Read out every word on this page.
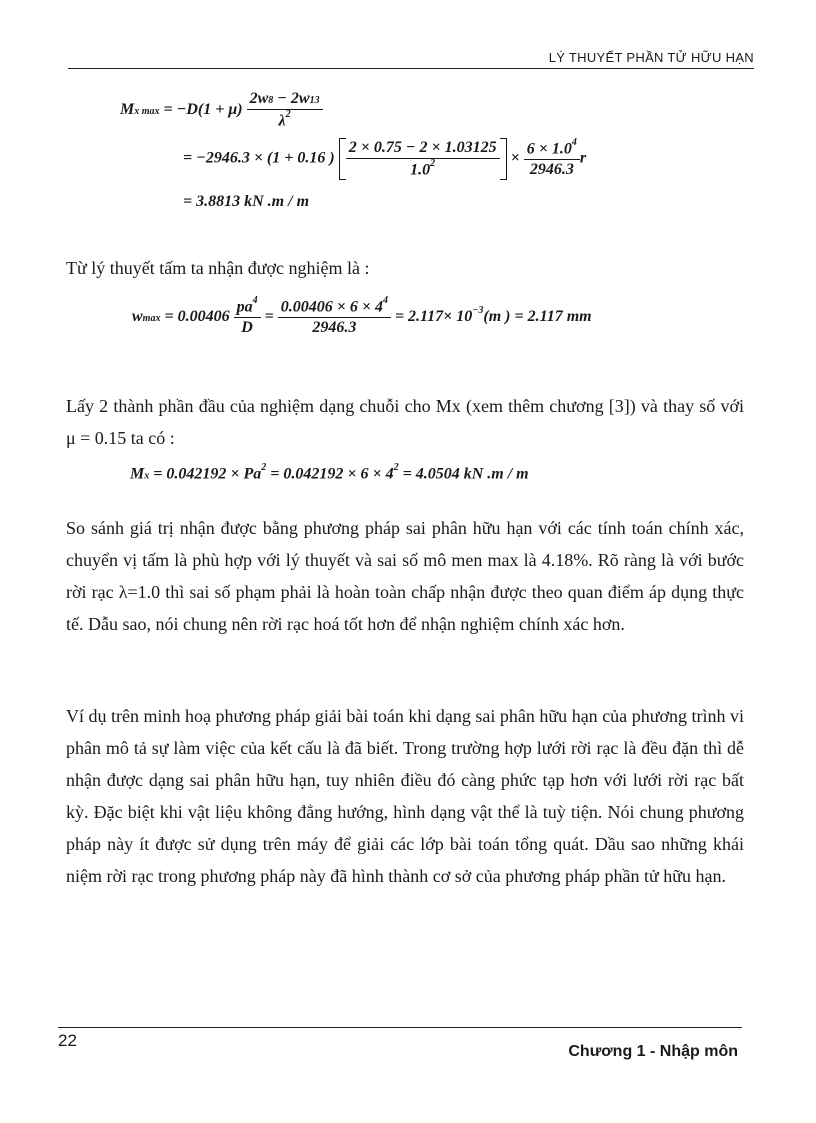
LÝ THUYẾT PHẦN TỬ HỮU HẠN
Mx $\max = -D(1 + \mu) \frac{2w8 - 2w13}{\lambda^2}$
= −2946.3 × (1 + 0.16 ) $\frac{2 \times 0.75 - 2 \times 1.03125}{1.0^2} \times \frac{6 \times 1.0^4}{2946.3}$ r
= 3.8813 kN .m / m
Từ lý thuyết tấm ta nhận được nghiệm là :
$wmax = 0.00406 \frac{pa^4}{D} = \frac{0.00406 \times 6 \times 4^4}{2946.3} = 2.117\times 10^{-3}(m$ ) = 2.117 mm
Lấy 2 thành phần đầu của nghiệm dạng chuỗi cho Mx (xem thêm chương [3]) và thay số với μ = 0.15 ta có :
$Mx = 0.042192 \times Pa^2 = 0.042192 \times 6 \times 4^2 = 4.0504$ kN .m / m
So sánh giá trị nhận được bằng phương pháp sai phân hữu hạn với các tính toán chính xác, chuyển vị tấm là phù hợp với lý thuyết và sai số mô men max là 4.18%. Rõ ràng là với bước rời rạc λ=1.0 thì sai số phạm phải là hoàn toàn chấp nhận được theo quan điểm áp dụng thực tế. Dẫu sao, nói chung nên rời rạc hoá tốt hơn để nhận nghiệm chính xác hơn.
Ví dụ trên minh hoạ phương pháp giải bài toán khi dạng sai phân hữu hạn của phương trình vi phân mô tả sự làm việc của kết cấu là đã biết. Trong trường hợp lưới rời rạc là đều đặn thì dễ nhận được dạng sai phân hữu hạn, tuy nhiên điều đó càng phức tạp hơn với lưới rời rạc bất kỳ. Đặc biệt khi vật liệu không đẳng hướng, hình dạng vật thể là tuỳ tiện. Nói chung phương pháp này ít được sử dụng trên máy để giải các lớp bài toán tổng quát. Dầu sao những khái niệm rời rạc trong phương pháp này đã hình thành cơ sở của phương pháp phần tử hữu hạn.
22
Chương 1 - Nhập môn
